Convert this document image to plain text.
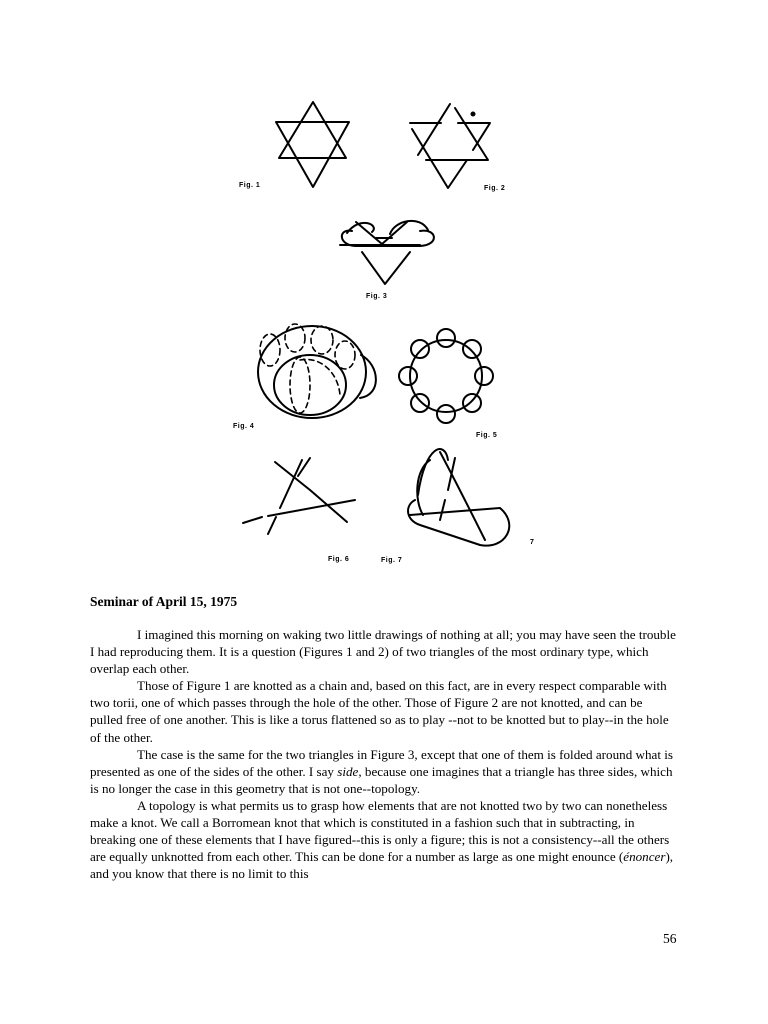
Fig. 1	Fig. 2
Fig. 3
Fig. 4
Fig. 5
Fig. 6	Fig. 7
7
Seminar of April 15, 1975

I imagined this morning on waking two little drawings of nothing at all; you may have seen the trouble I had reproducing them. It is a question (Figures 1 and 2) of two triangles of the most ordinary type, which overlap each other.

Those of Figure 1 are knotted as a chain and, based on this fact, are in every respect comparable with two torii, one of which passes through the hole of the other. Those of Figure 2 are not knotted, and can be pulled free of one another. This is like a torus flattened so as to play --not to be knotted but to play--in the hole of the other.

The case is the same for the two triangles in Figure 3, except that one of them is folded around what is presented as one of the sides of the other. I say side, because one imagines that a triangle has three sides, which is no longer the case in this geometry that is not one--topology.

A topology is what permits us to grasp how elements that are not knotted two by two can nonetheless make a knot. We call a Borromean knot that which is constituted in a fashion such that in subtracting, in breaking one of these elements that I have figured--this is only a figure; this is not a consistency--all the others are equally unknotted from each other. This can be done for a number as large as one might enounce (énoncer), and you know that there is no limit to this

56
